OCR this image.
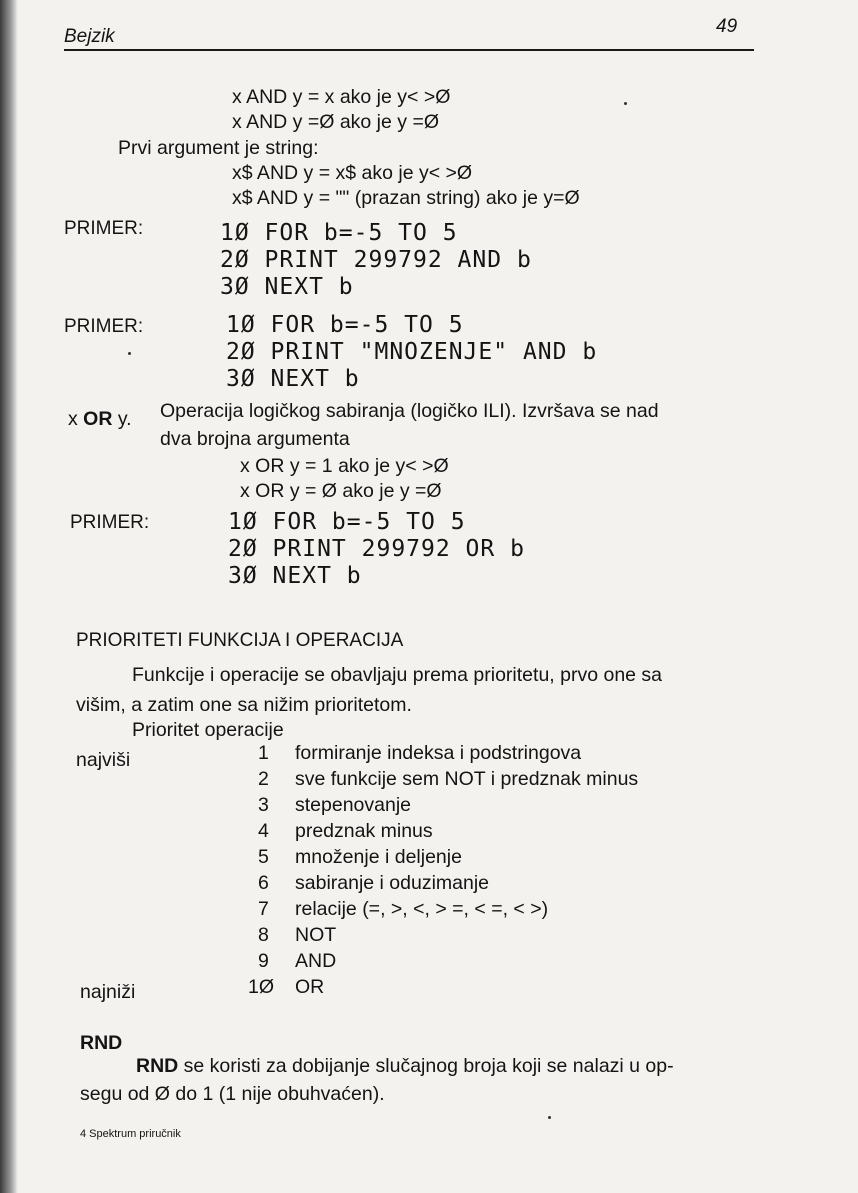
Bejzik	49
x AND y = x ako je y< >Ø
x AND y =Ø ako je y =Ø
Prvi argument je string:
x$ AND y = x$ ako je y< >Ø
x$ AND y = "" (prazan string) ako je y=Ø
PRIMER:	1Ø FOR b=-5 TO 5
2Ø PRINT 299792 AND b
3Ø NEXT b
PRIMER:	1Ø FOR b=-5 TO 5
2Ø PRINT "MNOZENJE" AND b
3Ø NEXT b
x OR y. Operacija logičkog sabiranja (logičko ILI). Izvršava se nad
dva brojna argumenta
x OR y = 1 ako je y< >Ø
x OR y = Ø ako je y =Ø
PRIMER:	1Ø FOR b=-5 TO 5
2Ø PRINT 299792 OR b
3Ø NEXT b
PRIORITETI FUNKCIJA I OPERACIJA
Funkcije i operacije se obavljaju prema prioritetu, prvo one sa
višim, a zatim one sa nižim prioritetom.
Prioritet operacije
najviši
najniži
1 formiranje indeksa i podstringova
2 sve funkcije sem NOT i predznak minus
3 stepenovanje
4 predznak minus
5 množenje i deljenje
6 sabiranje i oduzimanje
7 relacije (=, >, <, > =, < =, < >)
8 NOT
9 AND
1Ø OR
RND
RND se koristi za dobijanje slučajnog broja koji se nalazi u op-
segu od Ø do 1 (1 nije obuhvaćen).
4 Spektrum priručnik
